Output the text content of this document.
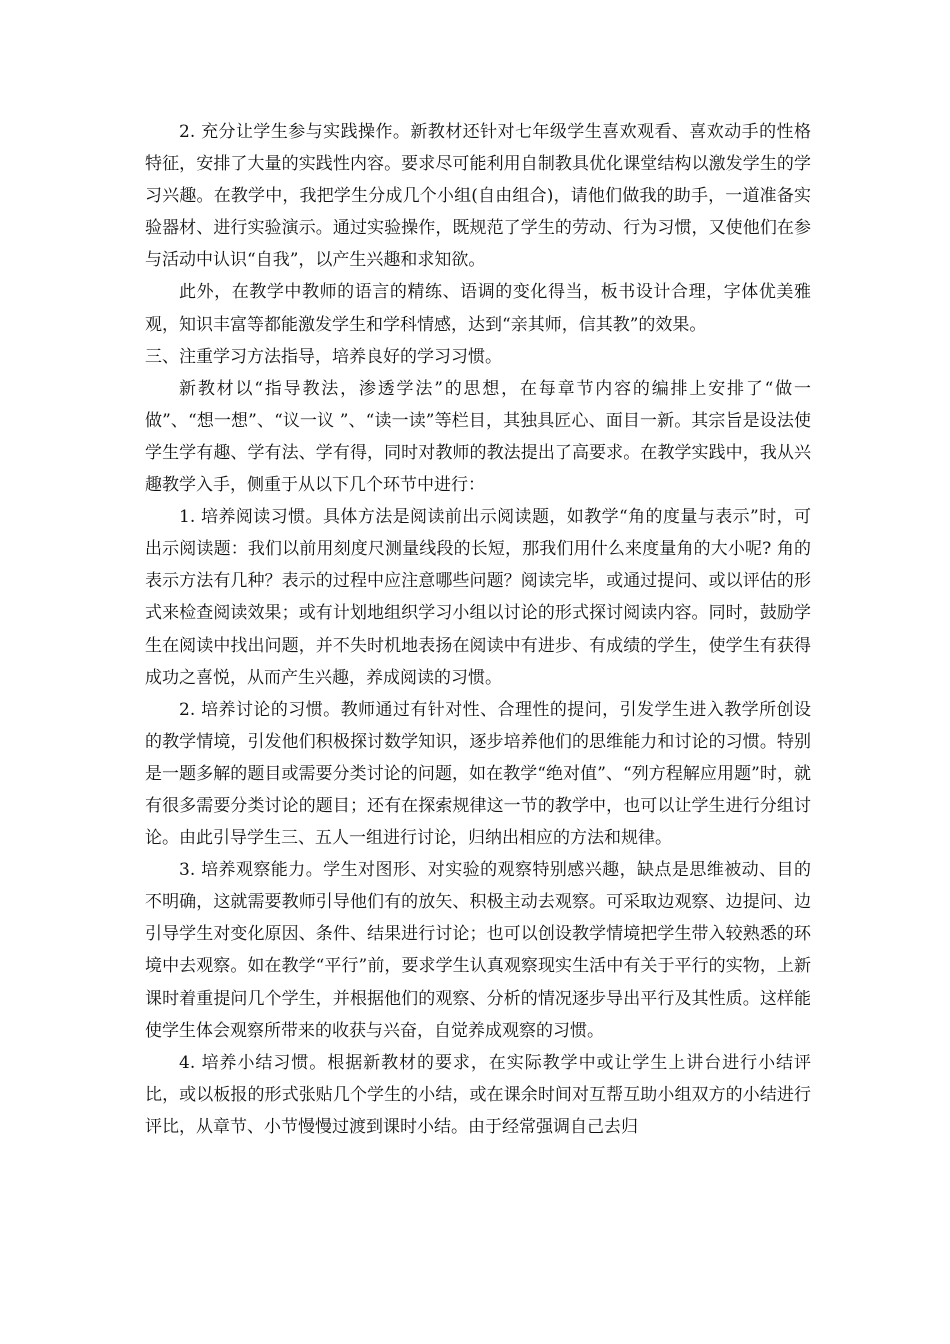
2. 充分让学生参与实践操作。新教材还针对七年级学生喜欢观看、喜欢动手的性格特征，安排了大量的实践性内容。要求尽可能利用自制教具优化课堂结构以激发学生的学习兴趣。在教学中，我把学生分成几个小组(自由组合)，请他们做我的助手，一道准备实验器材、进行实验演示。通过实验操作，既规范了学生的劳动、行为习惯，又使他们在参与活动中认识“自我”，以产生兴趣和求知欲。

此外，在教学中教师的语言的精练、语调的变化得当，板书设计合理，字体优美雅观，知识丰富等都能激发学生和学科情感，达到“亲其师，信其教”的效果。

三、注重学习方法指导，培养良好的学习习惯。

新教材以“指导教法，渗透学法”的思想，在每章节内容的编排上安排了“做一做”、“想一想”、“议一议 ”、“读一读”等栏目，其独具匠心、面目一新。其宗旨是设法使学生学有趣、学有法、学有得，同时对教师的教法提出了高要求。在教学实践中，我从兴趣教学入手，侧重于从以下几个环节中进行：

1. 培养阅读习惯。具体方法是阅读前出示阅读题，如教学“角的度量与表示”时，可出示阅读题：我们以前用刻度尺测量线段的长短，那我们用什么来度量角的大小呢? 角的表示方法有几种？表示的过程中应注意哪些问题？阅读完毕，或通过提问、或以评估的形式来检查阅读效果；或有计划地组织学习小组以讨论的形式探讨阅读内容。同时，鼓励学生在阅读中找出问题，并不失时机地表扬在阅读中有进步、有成绩的学生，使学生有获得成功之喜悦，从而产生兴趣，养成阅读的习惯。

2. 培养讨论的习惯。教师通过有针对性、合理性的提问，引发学生进入教学所创设的教学情境，引发他们积极探讨数学知识，逐步培养他们的思维能力和讨论的习惯。特别是一题多解的题目或需要分类讨论的问题，如在教学“绝对值”、“列方程解应用题”时，就有很多需要分类讨论的题目；还有在探索规律这一节的教学中，也可以让学生进行分组讨论。由此引导学生三、五人一组进行讨论，归纳出相应的方法和规律。

3. 培养观察能力。学生对图形、对实验的观察特别感兴趣，缺点是思维被动、目的不明确，这就需要教师引导他们有的放矢、积极主动去观察。可采取边观察、边提问、边引导学生对变化原因、条件、结果进行讨论；也可以创设教学情境把学生带入较熟悉的环境中去观察。如在教学“平行”前，要求学生认真观察现实生活中有关于平行的实物，上新课时着重提问几个学生，并根据他们的观察、分析的情况逐步导出平行及其性质。这样能使学生体会观察所带来的收获与兴奋，自觉养成观察的习惯。

4. 培养小结习惯。根据新教材的要求，在实际教学中或让学生上讲台进行小结评比，或以板报的形式张贴几个学生的小结，或在课余时间对互帮互助小组双方的小结进行评比，从章节、小节慢慢过渡到课时小结。由于经常强调自己去归
